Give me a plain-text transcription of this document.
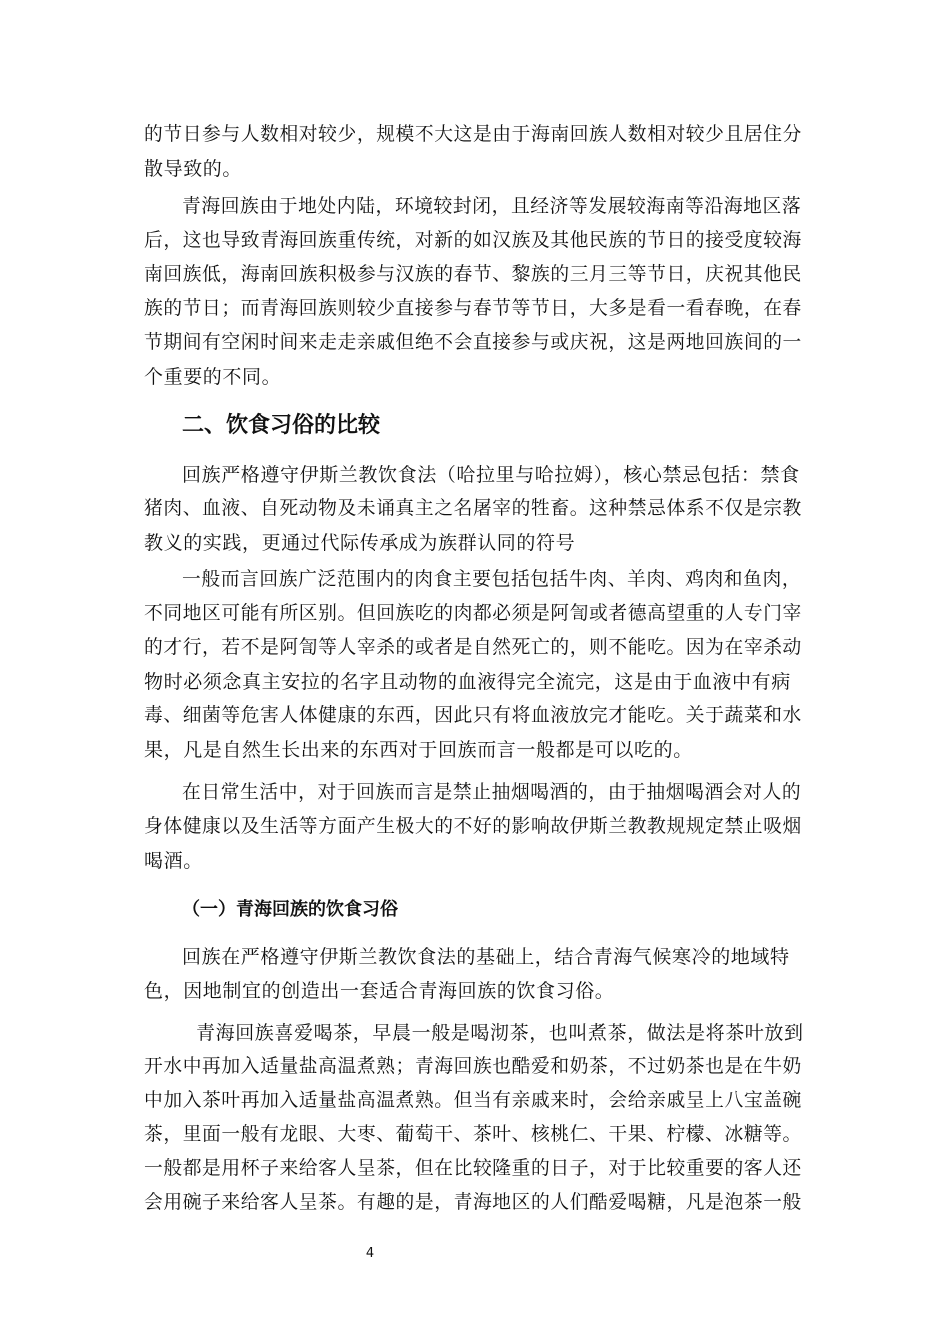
的节日参与人数相对较少，规模不大这是由于海南回族人数相对较少且居住分
散导致的。
青海回族由于地处内陆，环境较封闭，且经济等发展较海南等沿海地区落
后，这也导致青海回族重传统，对新的如汉族及其他民族的节日的接受度较海
南回族低，海南回族积极参与汉族的春节、黎族的三月三等节日，庆祝其他民
族的节日；而青海回族则较少直接参与春节等节日，大多是看一看春晚，在春
节期间有空闲时间来走走亲戚但绝不会直接参与或庆祝，这是两地回族间的一
个重要的不同。
二、饮食习俗的比较
回族严格遵守伊斯兰教饮食法（哈拉里与哈拉姆），核心禁忌包括：禁食
猪肉、血液、自死动物及未诵真主之名屠宰的牲畜。这种禁忌体系不仅是宗教
教义的实践，更通过代际传承成为族群认同的符号
一般而言回族广泛范围内的肉食主要包括包括牛肉、羊肉、鸡肉和鱼肉，
不同地区可能有所区别。但回族吃的肉都必须是阿訇或者德高望重的人专门宰
的才行，若不是阿訇等人宰杀的或者是自然死亡的，则不能吃。因为在宰杀动
物时必须念真主安拉的名字且动物的血液得完全流完，这是由于血液中有病
毒、细菌等危害人体健康的东西，因此只有将血液放完才能吃。关于蔬菜和水
果，凡是自然生长出来的东西对于回族而言一般都是可以吃的。
在日常生活中，对于回族而言是禁止抽烟喝酒的，由于抽烟喝酒会对人的
身体健康以及生活等方面产生极大的不好的影响故伊斯兰教教规规定禁止吸烟
喝酒。
（一）青海回族的饮食习俗
回族在严格遵守伊斯兰教饮食法的基础上，结合青海气候寒冷的地域特
色，因地制宜的创造出一套适合青海回族的饮食习俗。
青海回族喜爱喝茶，早晨一般是喝沏茶，也叫煮茶，做法是将茶叶放到
开水中再加入适量盐高温煮熟；青海回族也酷爱和奶茶，不过奶茶也是在牛奶
中加入茶叶再加入适量盐高温煮熟。但当有亲戚来时，会给亲戚呈上八宝盖碗
茶，里面一般有龙眼、大枣、葡萄干、茶叶、核桃仁、干果、柠檬、冰糖等。
一般都是用杯子来给客人呈茶，但在比较隆重的日子，对于比较重要的客人还
会用碗子来给客人呈茶。有趣的是，青海地区的人们酷爱喝糖，凡是泡茶一般
4
